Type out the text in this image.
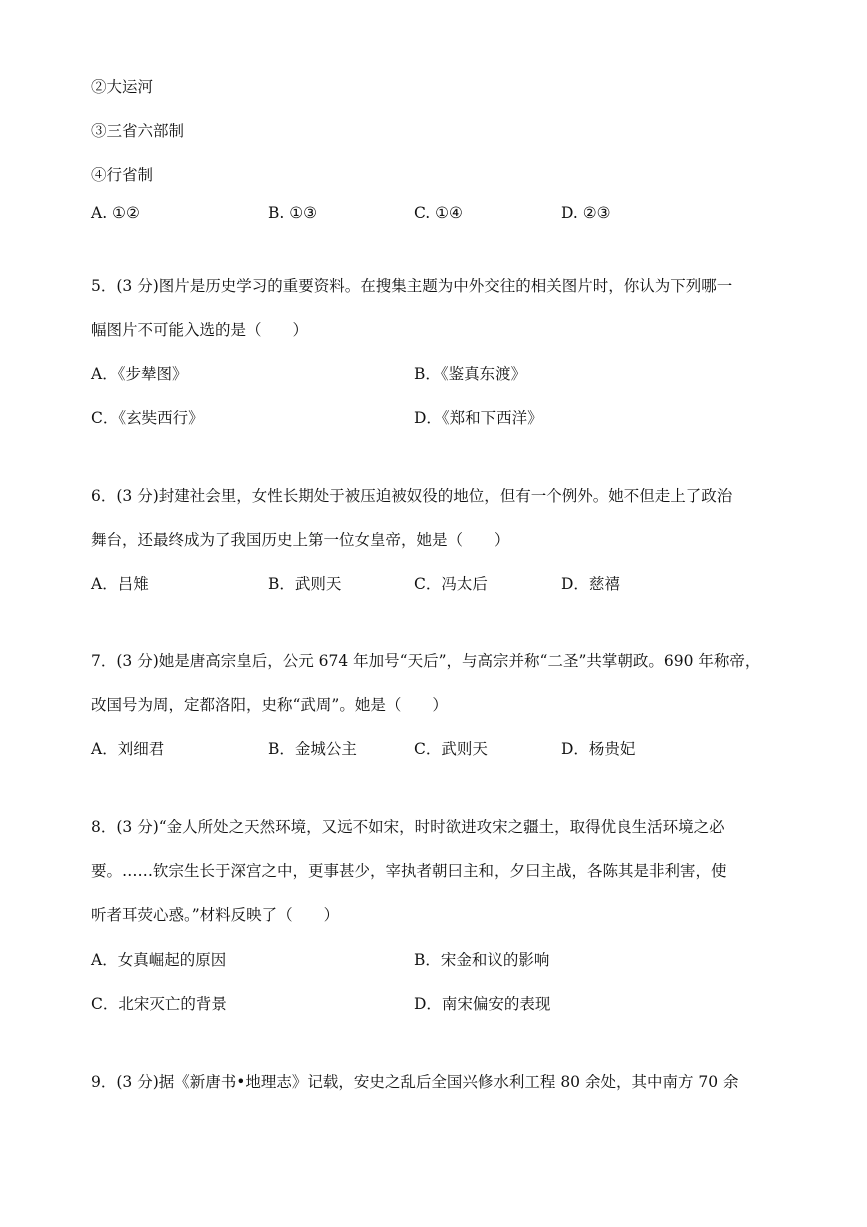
②大运河
③三省六部制
④行省制
A. ①②	B. ①③	C. ①④	D. ②③
5．(3 分)图片是历史学习的重要资料。在搜集主题为中外交往的相关图片时，你认为下列哪一
幅图片不可能入选的是（　　）
A．《步辇图》	B．《鉴真东渡》
C．《玄奘西行》	D．《郑和下西洋》
6．(3 分)封建社会里，女性长期处于被压迫被奴役的地位，但有一个例外。她不但走上了政治
舞台，还最终成为了我国历史上第一位女皇帝，她是（　　）
A．吕雉	B．武则天	C．冯太后	D．慈禧
7．(3 分)她是唐高宗皇后，公元 674 年加号“天后”，与高宗并称“二圣”共掌朝政。690 年称帝，
改国号为周，定都洛阳，史称“武周”。她是（　　）
A．刘细君	B．金城公主	C．武则天	D．杨贵妃
8．(3 分)“金人所处之天然环境，又远不如宋，时时欲进攻宋之疆土，取得优良生活环境之必
要。……钦宗生长于深宫之中，更事甚少，宰执者朝曰主和，夕曰主战，各陈其是非利害，使
听者耳荧心惑。”材料反映了（　　）
A．女真崛起的原因	B．宋金和议的影响
C．北宋灭亡的背景	D．南宋偏安的表现
9．(3 分)据《新唐书•地理志》记载，安史之乱后全国兴修水利工程 80 余处，其中南方 70 余
